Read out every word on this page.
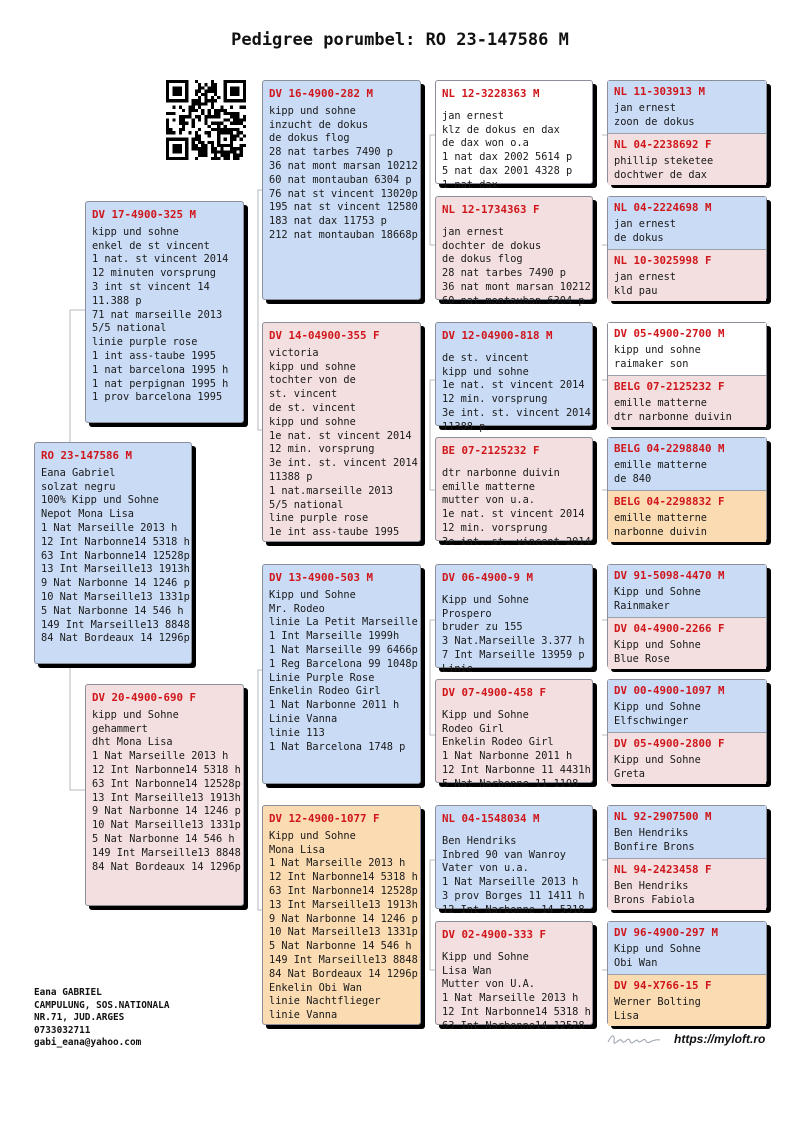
Pedigree porumbel: RO 23-147586 M
RO 23-147586 M
Eana Gabriel
solzat negru
100% Kipp und Sohne
Nepot Mona Lisa
1 Nat Marseille 2013 h
12 Int Narbonne14 5318 h
63 Int Narbonne14 12528p
13 Int Marseille13 1913h
9 Nat Narbonne 14 1246 p
10 Nat Marseille13 1331p
5 Nat Narbonne 14 546 h
149 Int Marseille13 8848
84 Nat Bordeaux 14 1296p
DV 17-4900-325 M
kipp und sohne
enkel de st vincent
1 nat. st vincent 2014
12 minuten vorsprung
3 int st vincent 14
11.388 p
71 nat marseille 2013
5/5 national
linie purple rose
1 int ass-taube 1995
1 nat barcelona 1995 h
1 nat perpignan 1995 h
1 prov barcelona 1995
DV 20-4900-690 F
kipp und Sohne
gehammert
dht Mona Lisa
1 Nat Marseille 2013 h
12 Int Narbonne14 5318 h
63 Int Narbonne14 12528p
13 Int Marseille13 1913h
9 Nat Narbonne 14 1246 p
10 Nat Marseille13 1331p
5 Nat Narbonne 14 546 h
149 Int Marseille13 8848
84 Nat Bordeaux 14 1296p
DV 16-4900-282 M
kipp und sohne
inzucht de dokus
de dokus flog
28 nat tarbes 7490 p
36 nat mont marsan 10212
60 nat montauban 6304 p
76 nat st vincent 13020p
195 nat st vincent 12580
183 nat dax 11753 p
212 nat montauban 18668p
DV 14-04900-355 F
victoria
kipp und sohne
tochter von de
st. vincent
de st. vincent
kipp und sohne
1e nat. st vincent 2014
12 min. vorsprung
3e int. st. vincent 2014
11388 p
1 nat.marseille 2013
5/5 national
line purple rose
1e int ass-taube 1995
DV 13-4900-503 M
Kipp und Sohne
Mr. Rodeo
linie La Petit Marseille
1 Int Marseille 1999h
1 Nat Marseille 99 6466p
1 Reg Barcelona 99 1048p
Linie Purple Rose
Enkelin Rodeo Girl
1 Nat Narbonne 2011 h
Linie Vanna
linie 113
1 Nat Barcelona 1748 p
DV 12-4900-1077 F
Kipp und Sohne
Mona Lisa
1 Nat Marseille 2013 h
12 Int Narbonne14 5318 h
63 Int Narbonne14 12528p
13 Int Marseille13 1913h
9 Nat Narbonne 14 1246 p
10 Nat Marseille13 1331p
5 Nat Narbonne 14 546 h
149 Int Marseille13 8848
84 Nat Bordeaux 14 1296p
Enkelin Obi Wan
linie Nachtflieger
linie Vanna
NL 12-3228363 M
jan ernest
klz de dokus en dax
de dax won o.a
1 nat dax 2002 5614 p
5 nat dax 2001 4328 p
1 nat dax
NL 12-1734363 F
jan ernest
dochter de dokus
de dokus flog
28 nat tarbes 7490 p
36 nat mont marsan 10212
60 nat montauban 6304 p
DV 12-04900-818 M
de st. vincent
kipp und sohne
1e nat. st vincent 2014
12 min. vorsprung
3e int. st. vincent 2014
11388 p
BE 07-2125232 F
dtr narbonne duivin
emille matterne
mutter von u.a.
1e nat. st vincent 2014
12 min. vorsprung
3e int. st. vincent 2014
DV 06-4900-9 M
Kipp und Sohne
Prospero
bruder zu 155
3 Nat.Marseille 3.377 h
7 Int Marseille 13959 p
Linie
DV 07-4900-458 F
Kipp und Sohne
Rodeo Girl
Enkelin Rodeo Girl
1 Nat Narbonne 2011 h
12 Int Narbonne 11 4431h
5 Nat Narbonne 11 1198
NL 04-1548034 M
Ben Hendriks
Inbred 90 van Wanroy
Vater von u.a.
1 Nat Marseille 2013 h
3 prov Borges 11 1411 h
12 Int Narbonne 14 5318
DV 02-4900-333 F
Kipp und Sohne
Lisa Wan
Mutter von U.A.
1 Nat Marseille 2013 h
12 Int Narbonne14 5318 h
63 Int Narbonne14 12528
NL 11-303913 M
jan ernest
zoon de dokus
NL 04-2238692 F
phillip steketee
dochtwer de dax
NL 04-2224698 M
jan ernest
de dokus
NL 10-3025998 F
jan ernest
kld pau
DV 05-4900-2700 M
kipp und sohne
raimaker son
BELG 07-2125232 F
emille matterne
dtr narbonne duivin
BELG 04-2298840 M
emille matterne
de 840
BELG 04-2298832 F
emille matterne
narbonne duivin
DV 91-5098-4470 M
Kipp und Sohne
Rainmaker
DV 04-4900-2266 F
Kipp und Sohne
Blue Rose
DV 00-4900-1097 M
Kipp und Sohne
Elfschwinger
DV 05-4900-2800 F
Kipp und Sohne
Greta
NL 92-2907500 M
Ben Hendriks
Bonfire Brons
NL 94-2423458 F
Ben Hendriks
Brons Fabiola
DV 96-4900-297 M
Kipp und Sohne
Obi Wan
DV 94-X766-15 F
Werner Bolting
Lisa
Eana GABRIEL
CAMPULUNG, SOS.NATIONALA
NR.71, JUD.ARGES
0733032711
gabi_eana@yahoo.com	https://myloft.ro
